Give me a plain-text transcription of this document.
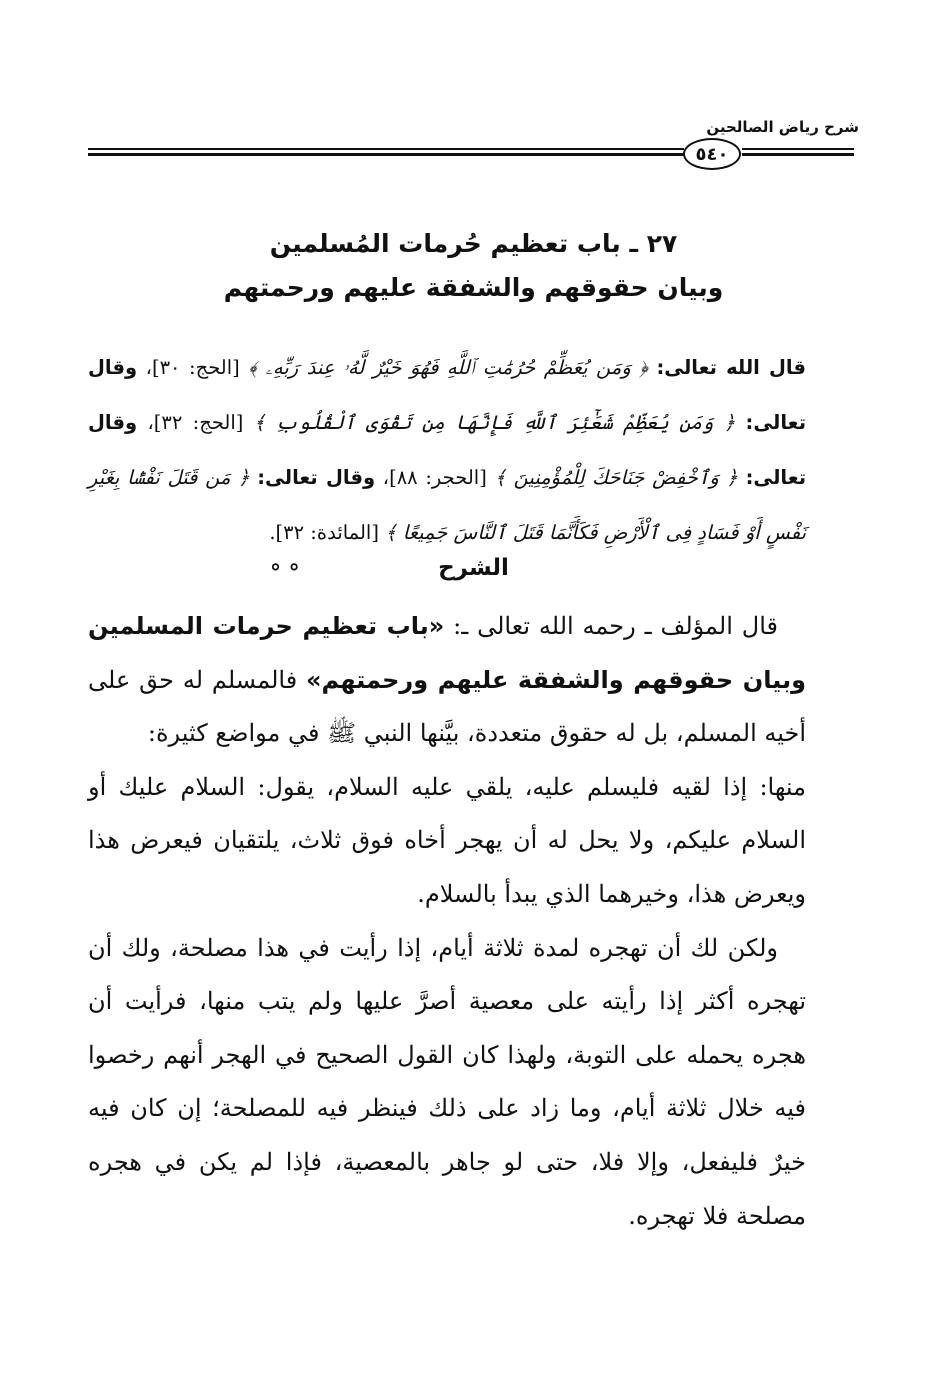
شرح رياض الصالحين
٥٤٠
٢٧ ـ باب تعظيم حُرمات المُسلمين
وبيان حقوقهم والشفقة عليهم ورحمتهم
قال الله تعالى: ﴿ وَمَن يُعَظِّمْ حُرُمَٰتِ ٱللَّهِ فَهُوَ خَيْرٌ لَّهُۥ عِندَ رَبِّهِۦ ﴾ [الحج: ٣٠]، وقال تعالى: ﴿ وَمَن يُعَظِّمْ شَعَٰٓئِرَ ٱللَّهِ فَإِنَّهَا مِن تَقْوَى ٱلْقُلُوبِ ﴾ [الحج: ٣٢]، وقال تعالى: ﴿ وَٱخْفِضْ جَنَاحَكَ لِلْمُؤْمِنِينَ ﴾ [الحجر: ٨٨]، وقال تعالى: ﴿ مَن قَتَلَ نَفْسًۢا بِغَيْرِ نَفْسٍ أَوْ فَسَادٍ فِى ٱلْأَرْضِ فَكَأَنَّمَا قَتَلَ ٱلنَّاسَ جَمِيعًا ﴾ [المائدة: ٣٢].
الشرح
° °

قال المؤلف ـ رحمه الله تعالى ـ: «باب تعظيم حرمات المسلمين وبيان حقوقهم والشفقة عليهم ورحمتهم» فالمسلم له حق على أخيه المسلم، بل له حقوق متعددة، بيَّنها النبي ﷺ في مواضع كثيرة:

منها: إذا لقيه فليسلم عليه، يلقي عليه السلام، يقول: السلام عليك أو السلام عليكم، ولا يحل له أن يهجر أخاه فوق ثلاث، يلتقيان فيعرض هذا ويعرض هذا، وخيرهما الذي يبدأ بالسلام.

ولكن لك أن تهجره لمدة ثلاثة أيام، إذا رأيت في هذا مصلحة، ولك أن تهجره أكثر إذا رأيته على معصية أصرَّ عليها ولم يتب منها، فرأيت أن هجره يحمله على التوبة، ولهذا كان القول الصحيح في الهجر أنهم رخصوا فيه خلال ثلاثة أيام، وما زاد على ذلك فينظر فيه للمصلحة؛ إن كان فيه خيرٌ فليفعل، وإلا فلا، حتى لو جاهر بالمعصية، فإذا لم يكن في هجره مصلحة فلا تهجره.
